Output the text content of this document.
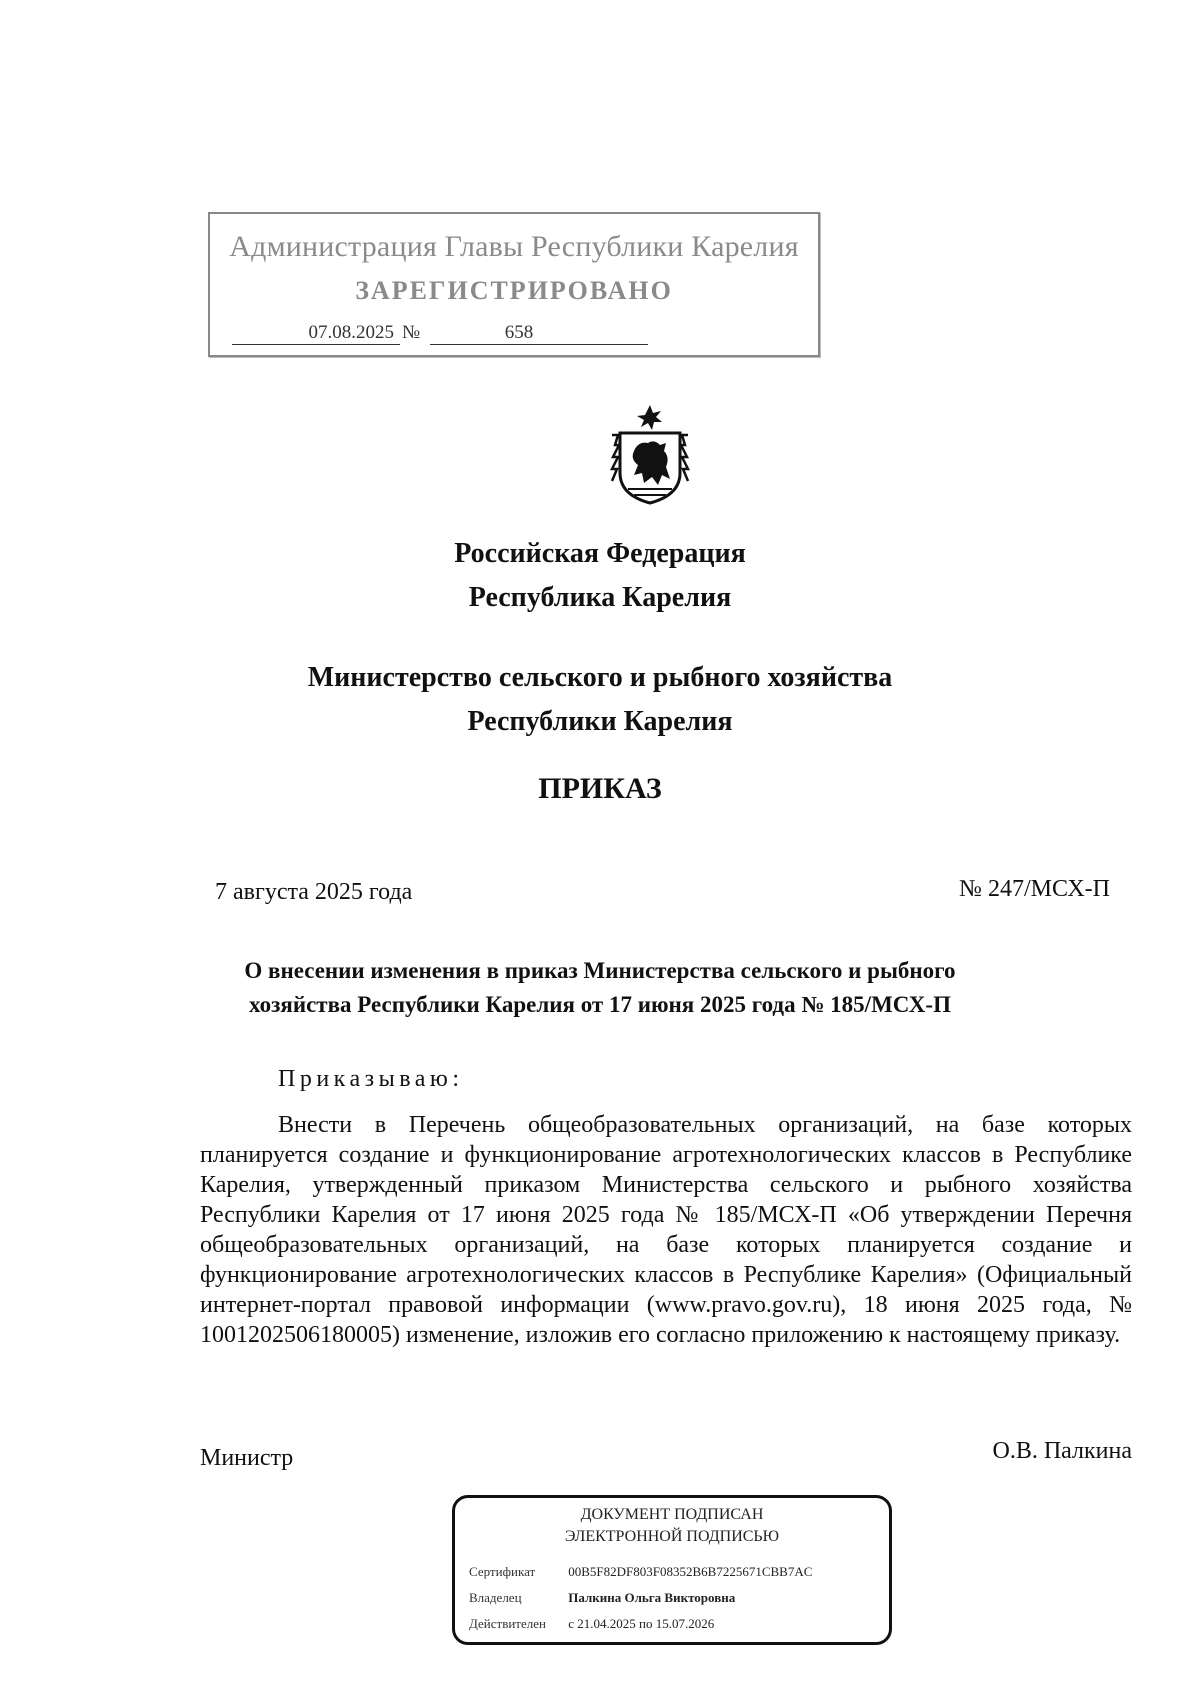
Администрация Главы Республики Карелия
ЗАРЕГИСТРИРОВАНО
07.08.2025 №	658
Российская Федерация
Республика Карелия
Министерство сельского и рыбного хозяйства
Республики Карелия
ПРИКАЗ
7 августа 2025 года	№ 247/МСХ-П
О внесении изменения в приказ Министерства сельского и рыбного
хозяйства Республики Карелия от 17 июня 2025 года № 185/МСХ-П
Приказываю:
Внести в Перечень общеобразовательных организаций, на базе которых планируется создание и функционирование агротехнологических классов в Республике Карелия, утвержденный приказом Министерства сельского и рыбного хозяйства Республики Карелия от 17 июня 2025 года № 185/МСХ-П «Об утверждении Перечня общеобразовательных организаций, на базе которых планируется создание и функционирование агротехнологических классов в Республике Карелия» (Официальный интернет-портал правовой информации (www.pravo.gov.ru), 18 июня 2025 года, № 1001202506180005) изменение, изложив его согласно приложению к настоящему приказу.
Министр	О.В. Палкина
ДОКУМЕНТ ПОДПИСАН
ЭЛЕКТРОННОЙ ПОДПИСЬЮ
Сертификат	00B5F82DF803F08352B6B7225671CBB7AC
Владелец	Палкина Ольга Викторовна
Действителен с 21.04.2025 по 15.07.2026
